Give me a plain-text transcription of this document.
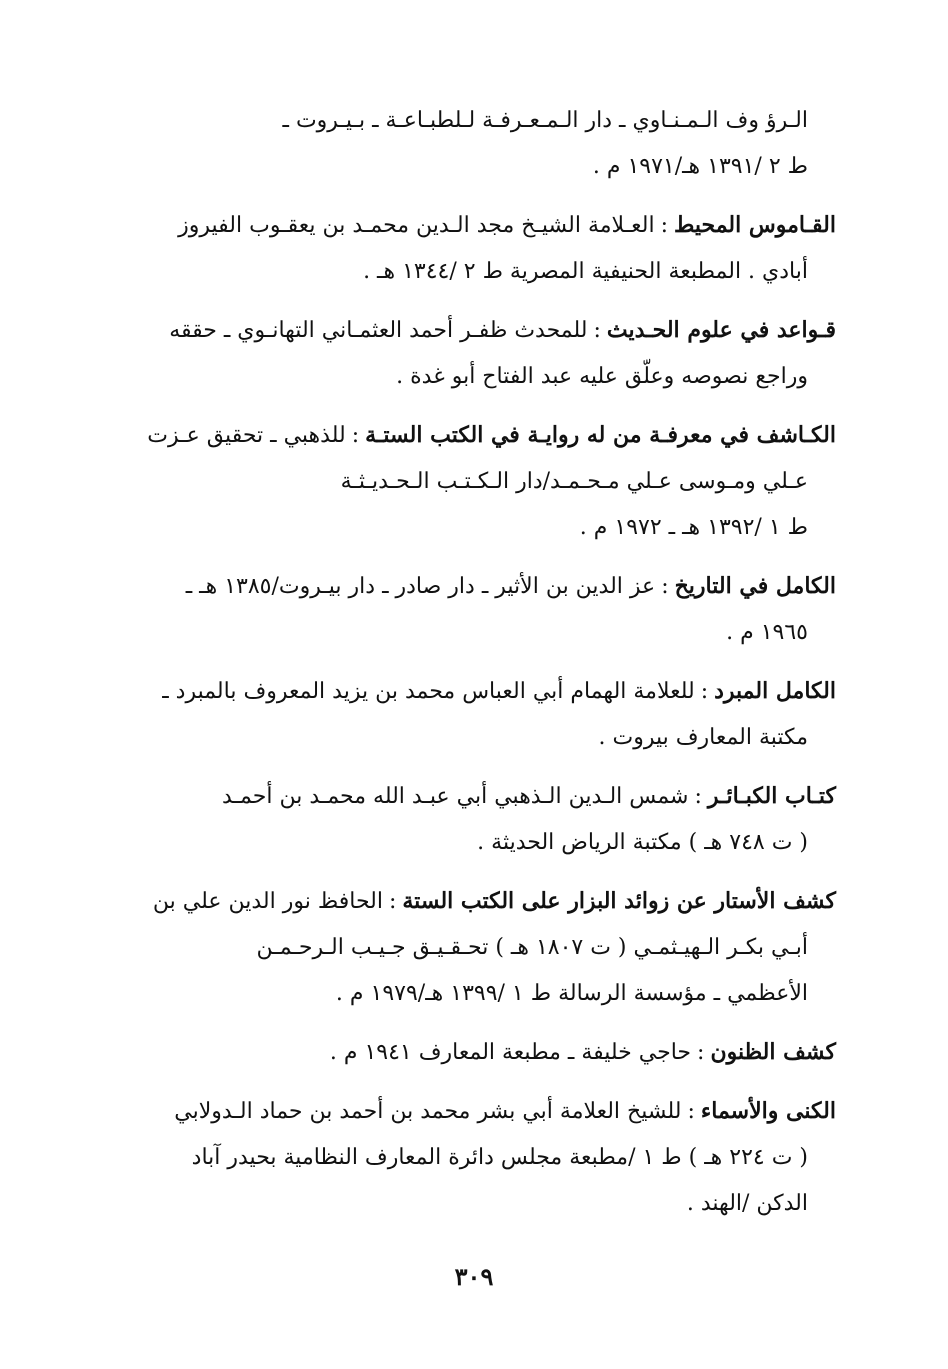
الـرؤ وف الـمـنـاوي ـ دار الـمـعـرفـة لـلطبـاعـة ـ بـيـروت ـ
ط ٢ /١٣٩١ هـ/١٩٧١ م .
القـاموس المحيط:العـلامة الشيـخ مجد الـدين محمـد بن يعقـوب الفيروز
أبادي . المطبعة الحنيفية المصرية ط ٢ /١٣٤٤ هـ .
قـواعد في علوم الحـديث:للمحدث ظفـر أحمد العثمـاني التهانـوي ـ حققه
وراجع نصوصه وعلّق عليه عبد الفتاح أبو غدة .
الكـاشف في معرفـة من له روايـة في الكتب الستـة:للذهبي ـ تحقيق عـزت
عـلي ومـوسى عـلي مـحـمـد/دار الـكـتـب الـحـديـثـة
ط ١ /١٣٩٢ هـ ـ ١٩٧٢ م .
الكامل في التاريخ:عز الدين بن الأثير ـ دار صادر ـ دار بيـروت/١٣٨٥ هـ ـ
١٩٦٥ م .
الكامل المبرد:للعلامة الهمام أبي العباس محمد بن يزيد المعروف بالمبرد ـ
مكتبة المعارف بيروت .
كتـاب الكبـائـر:شمس الـدين الـذهبي أبي عبـد الله محمـد بن أحمـد
( ت ٧٤٨ هـ ) مكتبة الرياض الحديثة .
كشف الأستار عن زوائد البزار على الكتب الستة:الحافظ نور الدين علي بن
أبـي بكـر الـهيـثمـي ( ت ١٨٠٧ هـ ) تحـقـيـق جـيـب الـرحـمـن
الأعظمي ـ مؤسسة الرسالة ط ١ /١٣٩٩ هـ/١٩٧٩ م .
كشف الظنون:حاجي خليفة ـ مطبعة المعارف ١٩٤١ م .
الكنى والأسماء:للشيخ العلامة أبي بشر محمد بن أحمد بن حماد الـدولابي
( ت ٢٢٤ هـ ) ط ١ /مطبعة مجلس دائرة المعارف النظامية بحيدر آباد
الدكن /الهند .
٣٠٩
